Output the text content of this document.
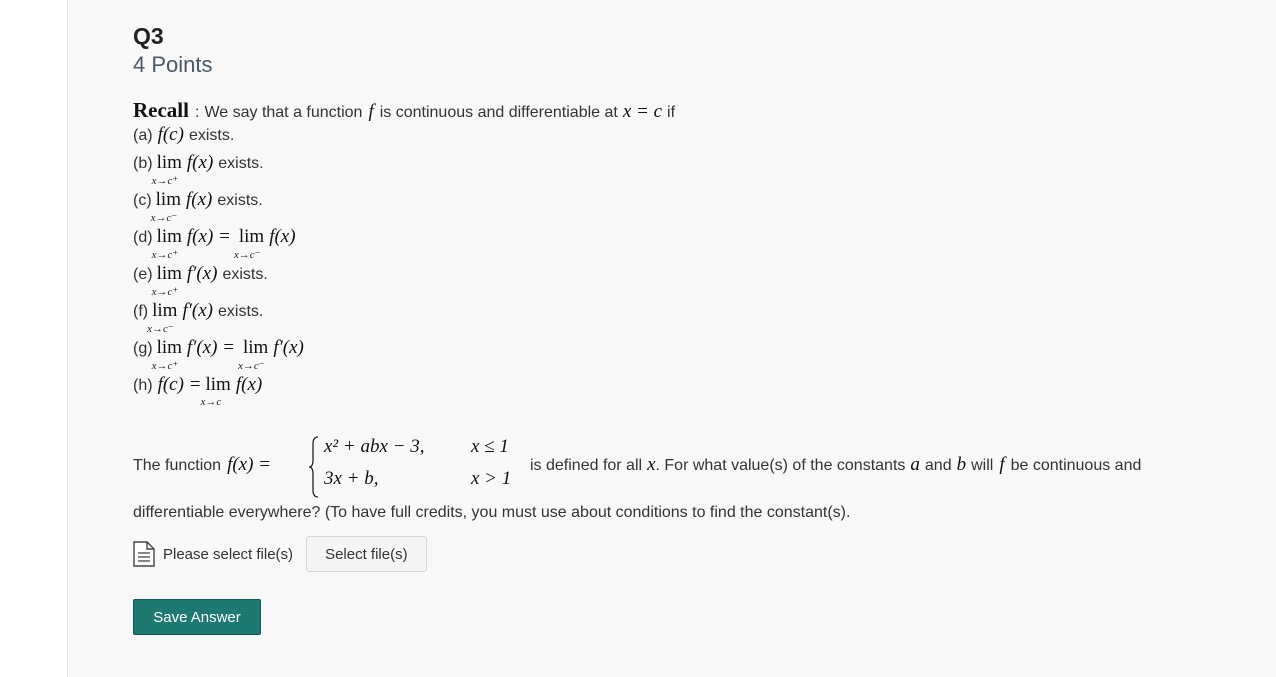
Q3
4 Points
Recall : We say that a function f is continuous and differentiable at x = c if
(a) f(c) exists.
(b) lim
x→c⁺
f(x) exists.
(c) lim
x→c⁻
f(x) exists.
(d) lim
x→c⁺
f(x) = lim
x→c⁻
f(x)
(e) lim
x→c⁺
f′(x) exists.
(f) lim
x→c⁻
f′(x) exists.
(g) lim
x→c⁺
f′(x) = lim
x→c⁻
f′(x)
(h) f(c) = lim
x→c
f(x)
The function f(x) =
x² + abx − 3, x ≤ 1
3x + b,	x > 1
is defined for all x . For what value(s) of the constants a and b will f be continuous and
differentiable everywhere? (To have full credits, you must use about conditions to find the constant(s).
Please select file(s)	Select file(s)
Save Answer
